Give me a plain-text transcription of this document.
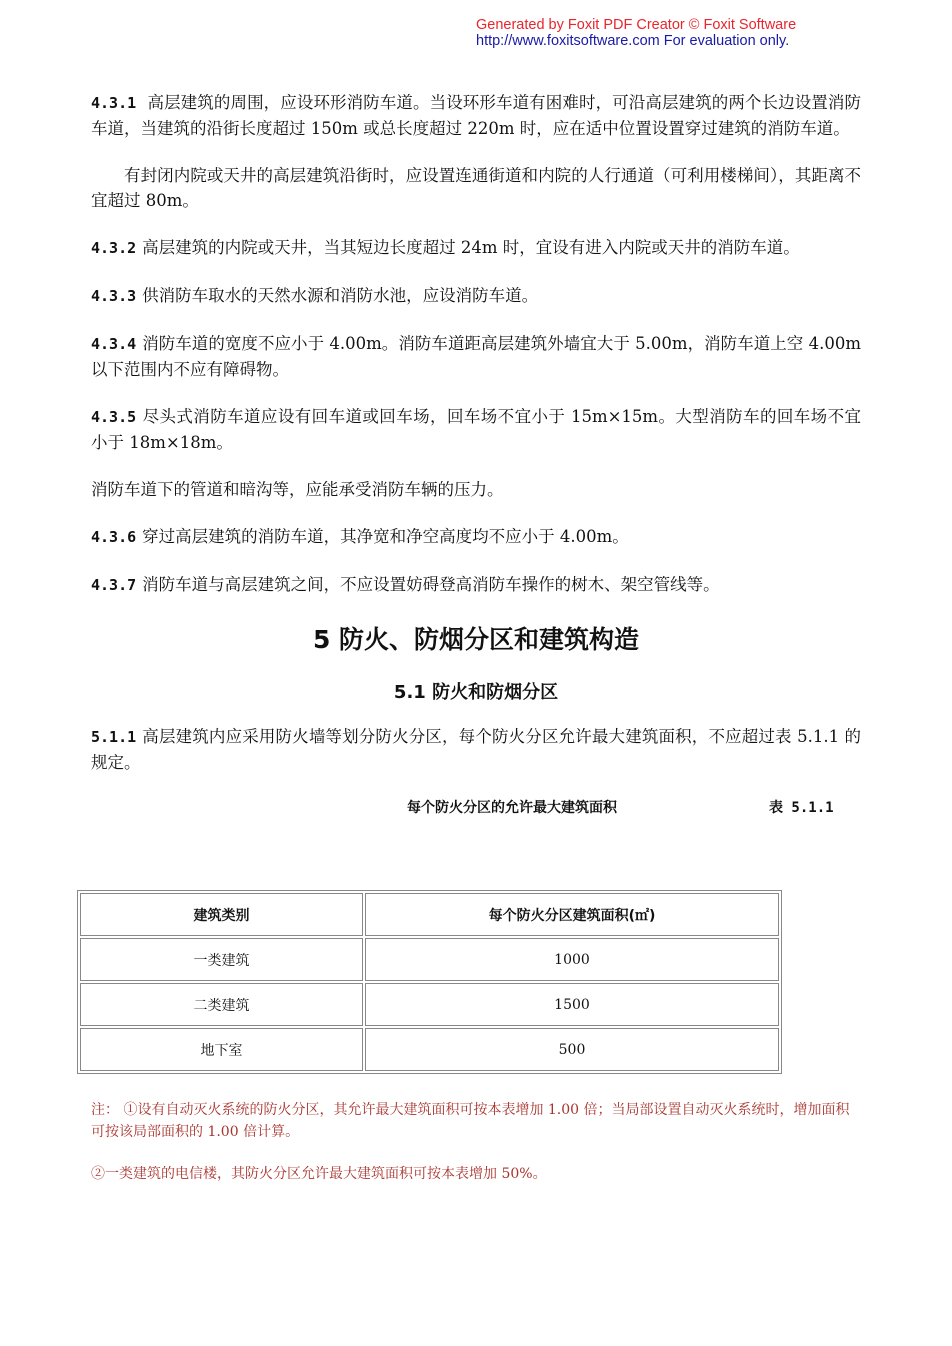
Generated by Foxit PDF Creator © Foxit Software
http://www.foxitsoftware.com For evaluation only.

4.3.1 高层建筑的周围，应设环形消防车道。当设环形车道有困难时，可沿高层建筑的两个长边设置消防车道，当建筑的沿街长度超过 150m 或总长度超过 220m 时，应在适中位置设置穿过建筑的消防车道。

有封闭内院或天井的高层建筑沿街时，应设置连通街道和内院的人行通道（可利用楼梯间），其距离不宜超过 80m。

4.3.2 高层建筑的内院或天井，当其短边长度超过 24m 时，宜设有进入内院或天井的消防车道。

4.3.3 供消防车取水的天然水源和消防水池，应设消防车道。

4.3.4 消防车道的宽度不应小于 4.00m。消防车道距高层建筑外墙宜大于 5.00m，消防车道上空 4.00m 以下范围内不应有障碍物。

4.3.5 尽头式消防车道应设有回车道或回车场，回车场不宜小于 15m×15m。大型消防车的回车场不宜小于 18m×18m。

消防车道下的管道和暗沟等，应能承受消防车辆的压力。

4.3.6 穿过高层建筑的消防车道，其净宽和净空高度均不应小于 4.00m。

4.3.7 消防车道与高层建筑之间，不应设置妨碍登高消防车操作的树木、架空管线等。

5 防火、防烟分区和建筑构造
5.1 防火和防烟分区

5.1.1 高层建筑内应采用防火墙等划分防火分区，每个防火分区允许最大建筑面积，不应超过表 5.1.1 的规定。

每个防火分区的允许最大建筑面积	表 5.1.1
建筑类别	每个防火分区建筑面积(㎡)
一类建筑	1000
二类建筑	1500
地下室	500

注： ①设有自动灭火系统的防火分区，其允许最大建筑面积可按本表增加 1.00 倍；当局部设置自动灭火系统时，增加面积可按该局部面积的 1.00 倍计算。

②一类建筑的电信楼，其防火分区允许最大建筑面积可按本表增加 50%。
